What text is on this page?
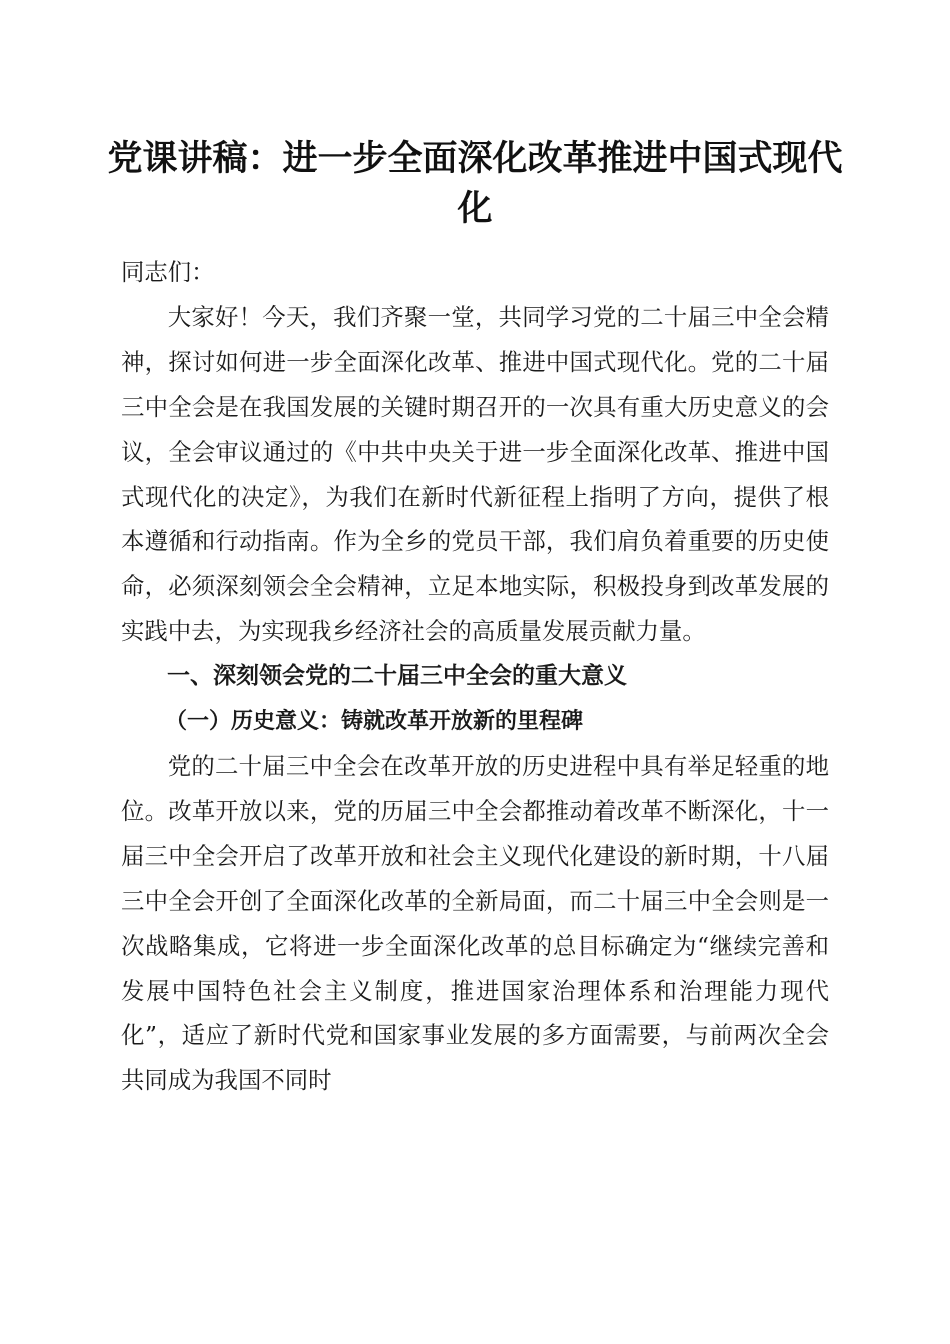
党课讲稿：进一步全面深化改革推进中国式现代化

同志们：

大家好！今天，我们齐聚一堂，共同学习党的二十届三中全会精神，探讨如何进一步全面深化改革、推进中国式现代化。党的二十届三中全会是在我国发展的关键时期召开的一次具有重大历史意义的会议，全会审议通过的《中共中央关于进一步全面深化改革、推进中国式现代化的决定》，为我们在新时代新征程上指明了方向，提供了根本遵循和行动指南。作为全乡的党员干部，我们肩负着重要的历史使命，必须深刻领会全会精神，立足本地实际，积极投身到改革发展的实践中去，为实现我乡经济社会的高质量发展贡献力量。

一、深刻领会党的二十届三中全会的重大意义

（一）历史意义：铸就改革开放新的里程碑

党的二十届三中全会在改革开放的历史进程中具有举足轻重的地位。改革开放以来，党的历届三中全会都推动着改革不断深化，十一届三中全会开启了改革开放和社会主义现代化建设的新时期，十八届三中全会开创了全面深化改革的全新局面，而二十届三中全会则是一次战略集成，它将进一步全面深化改革的总目标确定为“继续完善和发展中国特色社会主义制度，推进国家治理体系和治理能力现代化”，适应了新时代党和国家事业发展的多方面需要，与前两次全会共同成为我国不同时
